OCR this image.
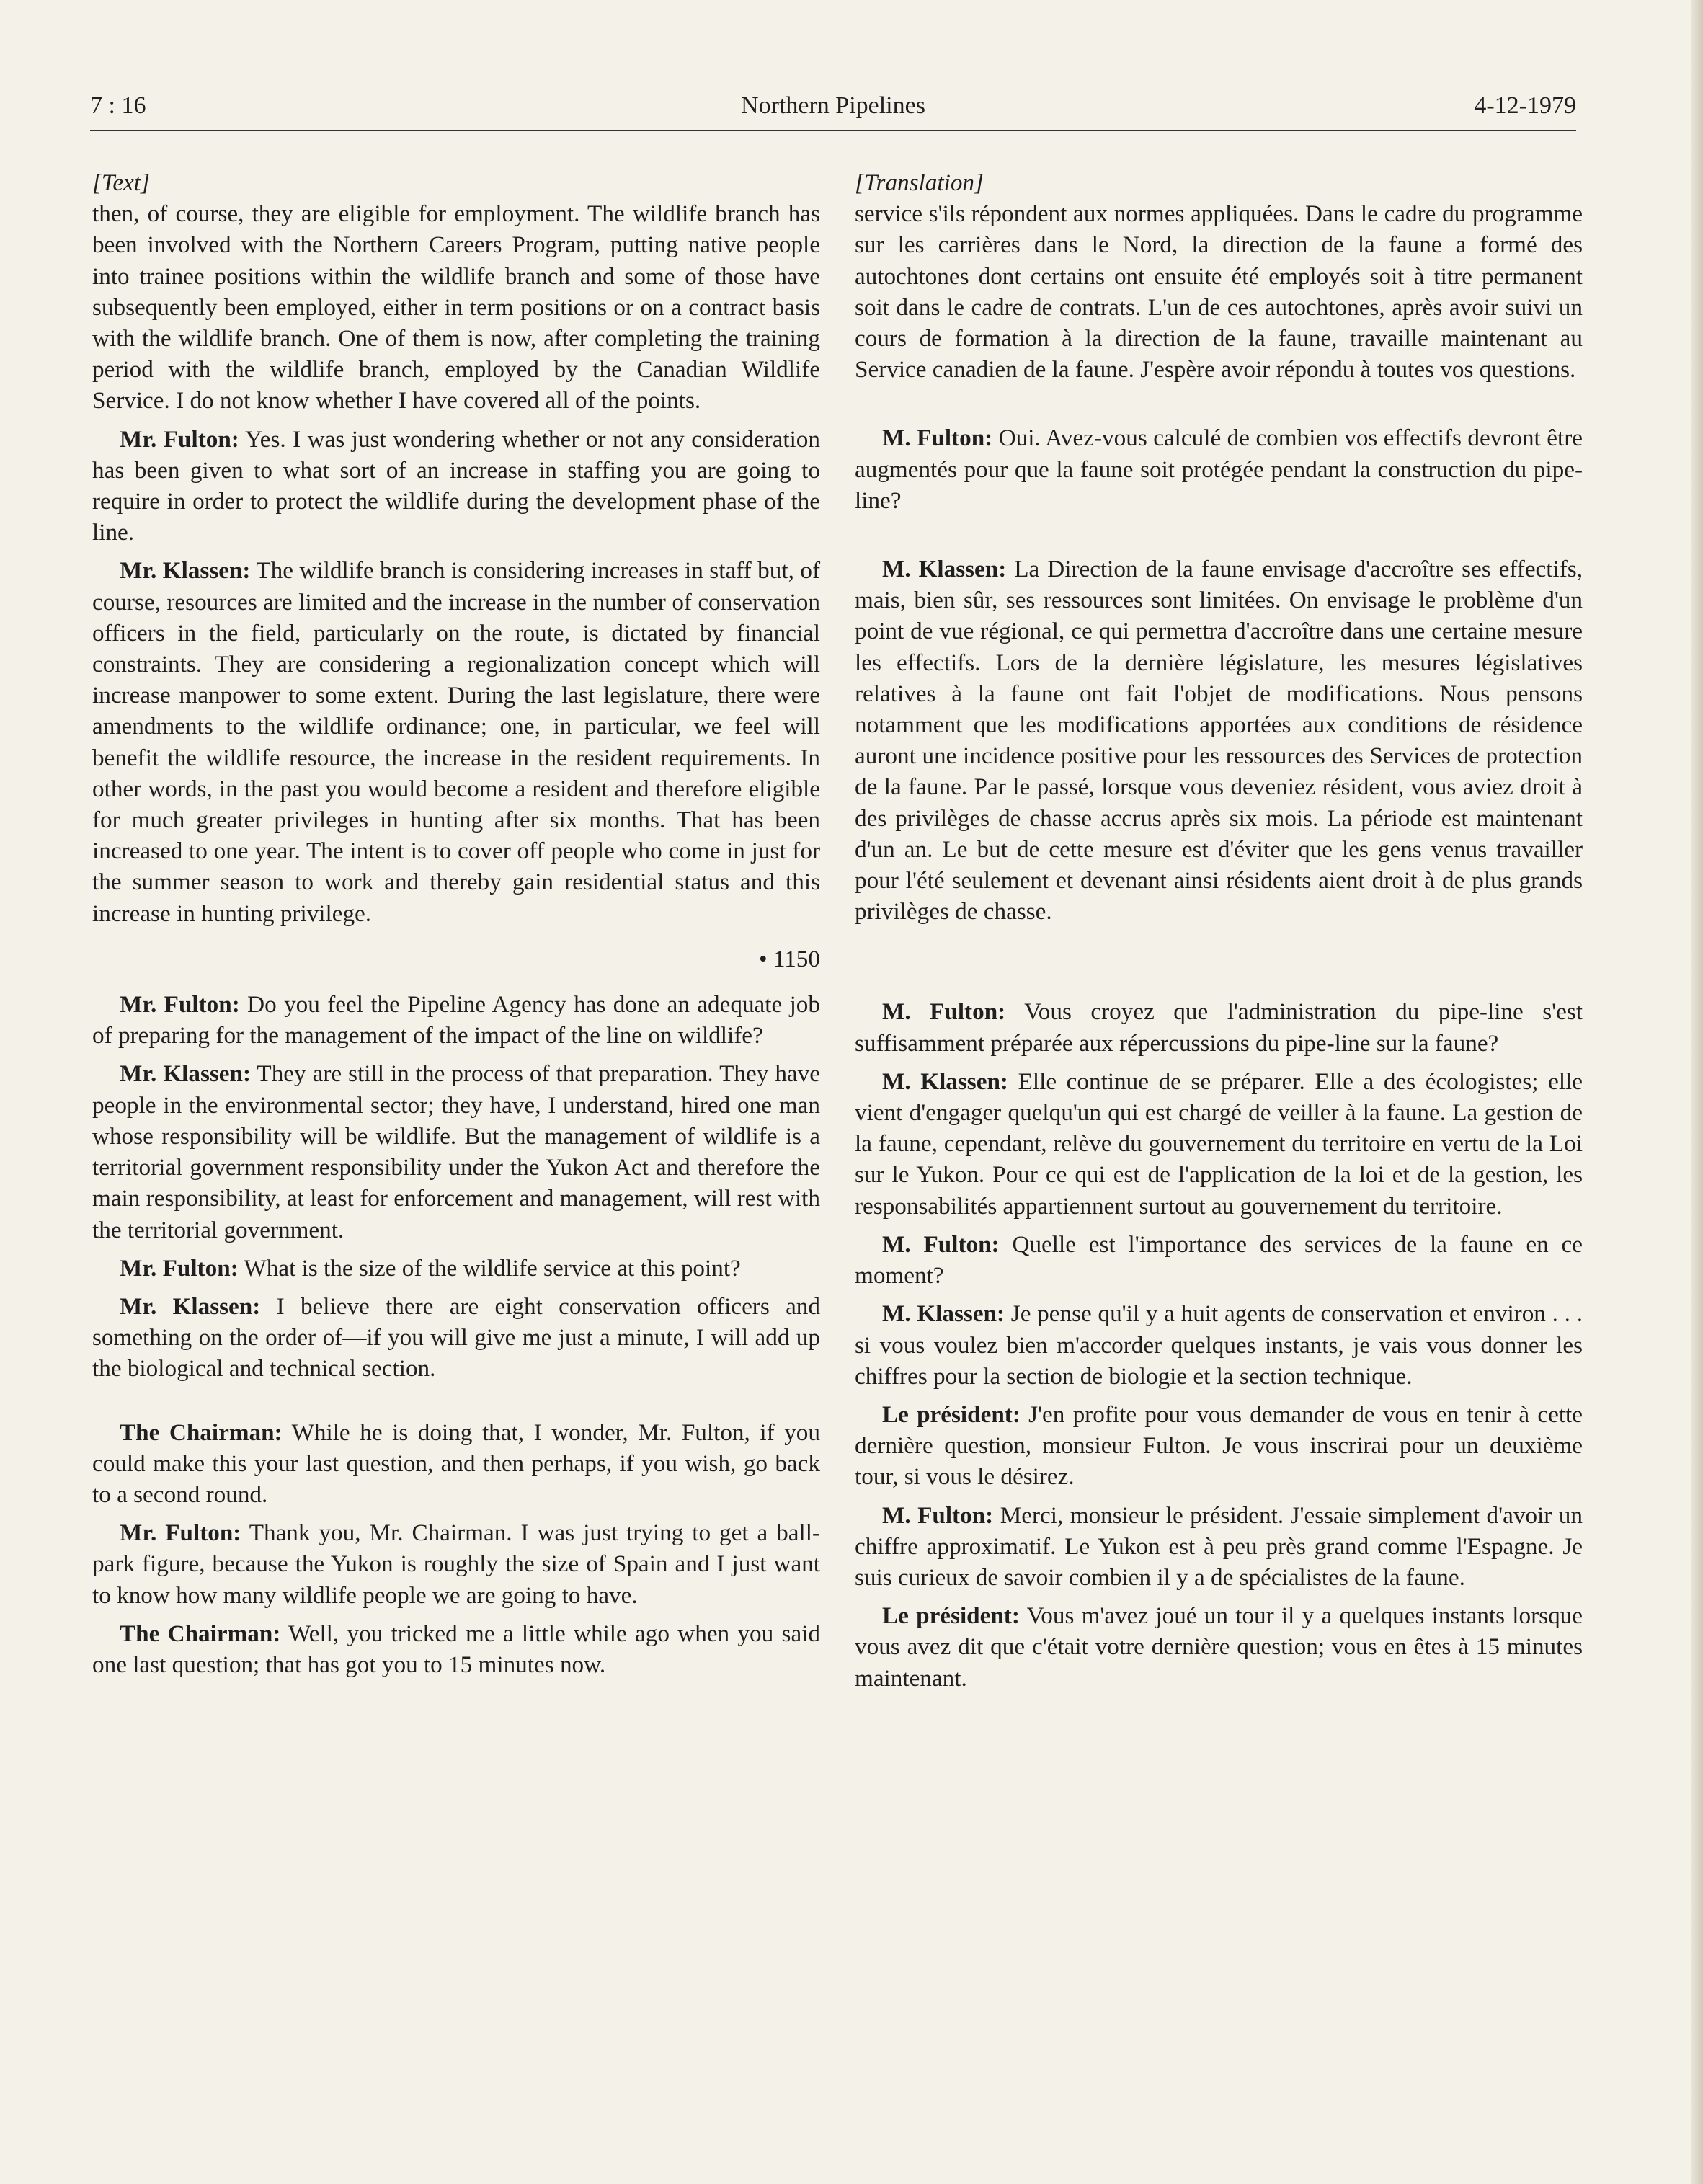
Northern Pipelines
7 : 16	4-12-1979

[Text]

then, of course, they are eligible for employment. The wildlife branch has been involved with the Northern Careers Program, putting native people into trainee positions within the wildlife branch and some of those have subsequently been employed, either in term positions or on a contract basis with the wildlife branch. One of them is now, after completing the training period with the wildlife branch, employed by the Canadian Wildlife Service. I do not know whether I have covered all of the points.

Mr. Fulton: Yes. I was just wondering whether or not any consideration has been given to what sort of an increase in staffing you are going to require in order to protect the wildlife during the development phase of the line.

Mr. Klassen: The wildlife branch is considering increases in staff but, of course, resources are limited and the increase in the number of conservation officers in the field, particularly on the route, is dictated by financial constraints. They are considering a regionalization concept which will increase manpower to some extent. During the last legislature, there were amendments to the wildlife ordinance; one, in particular, we feel will benefit the wildlife resource, the increase in the resident requirements. In other words, in the past you would become a resident and therefore eligible for much greater privileges in hunting after six months. That has been increased to one year. The intent is to cover off people who come in just for the summer season to work and thereby gain residential status and this increase in hunting privilege.

• 1150

Mr. Fulton: Do you feel the Pipeline Agency has done an adequate job of preparing for the management of the impact of the line on wildlife?

Mr. Klassen: They are still in the process of that preparation. They have people in the environmental sector; they have, I understand, hired one man whose responsibility will be wildlife. But the management of wildlife is a territorial government responsibility under the Yukon Act and therefore the main responsibility, at least for enforcement and management, will rest with the territorial government.

Mr. Fulton: What is the size of the wildlife service at this point?

Mr. Klassen: I believe there are eight conservation officers and something on the order of—if you will give me just a minute, I will add up the biological and technical section.

The Chairman: While he is doing that, I wonder, Mr. Fulton, if you could make this your last question, and then perhaps, if you wish, go back to a second round.

Mr. Fulton: Thank you, Mr. Chairman. I was just trying to get a ball-park figure, because the Yukon is roughly the size of Spain and I just want to know how many wildlife people we are going to have.

The Chairman: Well, you tricked me a little while ago when you said one last question; that has got you to 15 minutes now.

[Translation]

service s'ils répondent aux normes appliquées. Dans le cadre du programme sur les carrières dans le Nord, la direction de la faune a formé des autochtones dont certains ont ensuite été employés soit à titre permanent soit dans le cadre de contrats. L'un de ces autochtones, après avoir suivi un cours de formation à la direction de la faune, travaille maintenant au Service canadien de la faune. J'espère avoir répondu à toutes vos questions.

M. Fulton: Oui. Avez-vous calculé de combien vos effectifs devront être augmentés pour que la faune soit protégée pendant la construction du pipe-line?

M. Klassen: La Direction de la faune envisage d'accroître ses effectifs, mais, bien sûr, ses ressources sont limitées. On envisage le problème d'un point de vue régional, ce qui permettra d'accroître dans une certaine mesure les effectifs. Lors de la dernière législature, les mesures législatives relatives à la faune ont fait l'objet de modifications. Nous pensons notamment que les modifications apportées aux conditions de résidence auront une incidence positive pour les ressources des Services de protection de la faune. Par le passé, lorsque vous deveniez résident, vous aviez droit à des privilèges de chasse accrus après six mois. La période est maintenant d'un an. Le but de cette mesure est d'éviter que les gens venus travailler pour l'été seulement et devenant ainsi résidents aient droit à de plus grands privilèges de chasse.

M. Fulton: Vous croyez que l'administration du pipe-line s'est suffisamment préparée aux répercussions du pipe-line sur la faune?

M. Klassen: Elle continue de se préparer. Elle a des écologistes; elle vient d'engager quelqu'un qui est chargé de veiller à la faune. La gestion de la faune, cependant, relève du gouvernement du territoire en vertu de la Loi sur le Yukon. Pour ce qui est de l'application de la loi et de la gestion, les responsabilités appartiennent surtout au gouvernement du territoire.

M. Fulton: Quelle est l'importance des services de la faune en ce moment?

M. Klassen: Je pense qu'il y a huit agents de conservation et environ . . . si vous voulez bien m'accorder quelques instants, je vais vous donner les chiffres pour la section de biologie et la section technique.

Le président: J'en profite pour vous demander de vous en tenir à cette dernière question, monsieur Fulton. Je vous inscrirai pour un deuxième tour, si vous le désirez.

M. Fulton: Merci, monsieur le président. J'essaie simplement d'avoir un chiffre approximatif. Le Yukon est à peu près grand comme l'Espagne. Je suis curieux de savoir combien il y a de spécialistes de la faune.

Le président: Vous m'avez joué un tour il y a quelques instants lorsque vous avez dit que c'était votre dernière question; vous en êtes à 15 minutes maintenant.
